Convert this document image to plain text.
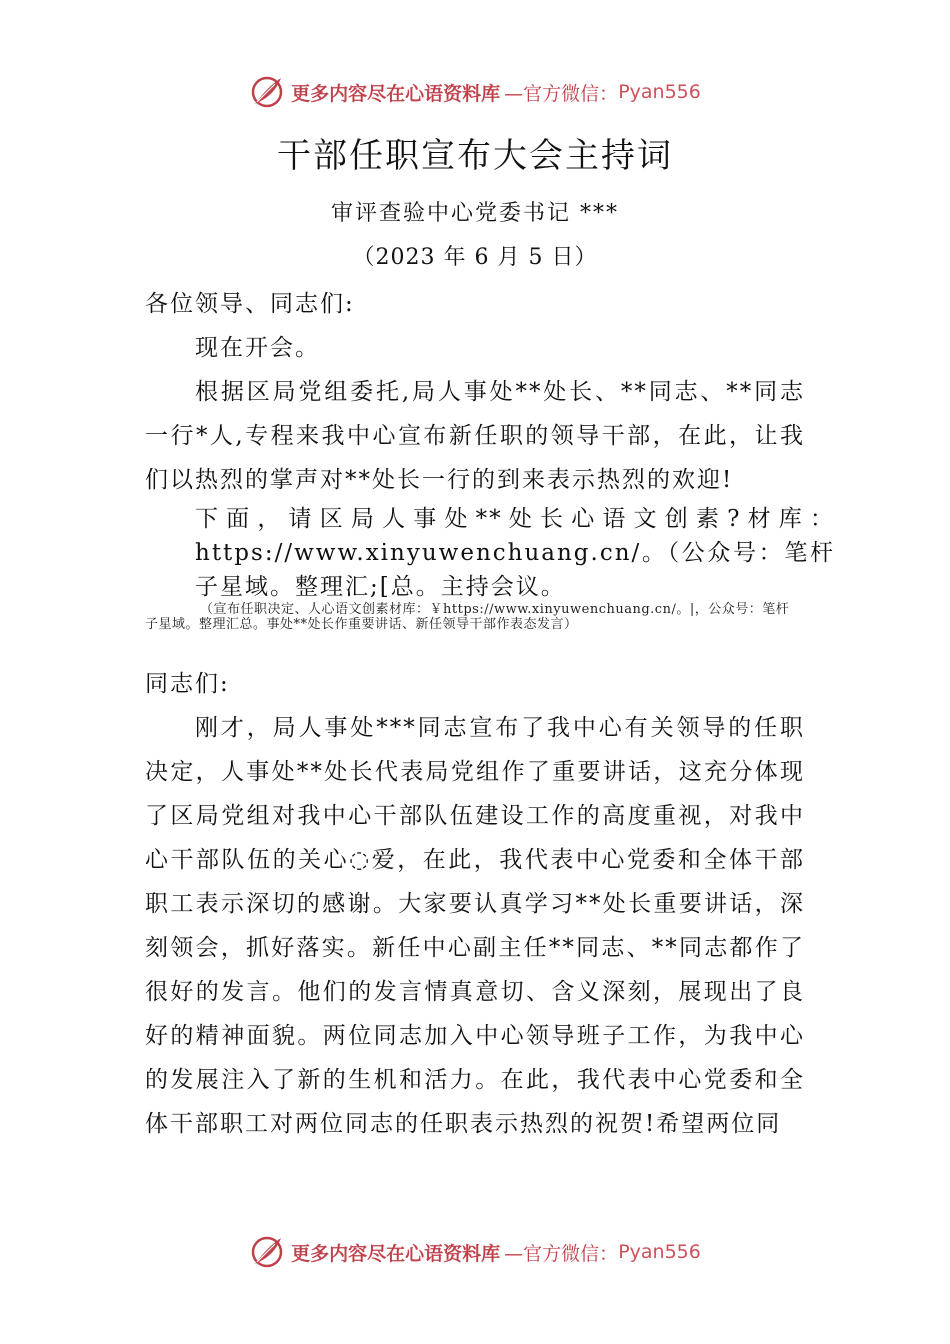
更多内容尽在心语资料库 —官方微信： Pyan556
干部任职宣布大会主持词
审评查验中心党委书记 ***
（2023 年 6 月 5 日）

各位领导、同志们:

现在开会。

根据区局党组委托,局人事处**处长、**同志、**同志一行*人,专程来我中心宣布新任职的领导干部，在此，让我们以热烈的掌声对**处长一行的到来表示热烈的欢迎!

下面，请区局人事处**处长心语文创素?材库：https://www.xinyuwenchuang.cn/。（公众号：笔杆子星域。整理汇;[总。主持会议。

（宣布任职决定、人心语文创素材库：￥https://www.xinyuwenchuang.cn/。|，公众号：笔杆子星域。整理汇总。事处**处长作重要讲话、新任领导干部作表态发言）

同志们:

刚才，局人事处***同志宣布了我中心有关领导的任职决定，人事处**处长代表局党组作了重要讲话，这充分体现了区局党组对我中心干部队伍建设工作的高度重视，对我中心干部队伍的关心◌爱，在此，我代表中心党委和全体干部职工表示深切的感谢。大家要认真学习**处长重要讲话，深刻领会，抓好落实。新任中心副主任**同志、**同志都作了很好的发言。他们的发言情真意切、含义深刻，展现出了良好的精神面貌。两位同志加入中心领导班子工作，为我中心的发展注入了新的生机和活力。在此，我代表中心党委和全体干部职工对两位同志的任职表示热烈的祝贺!希望两位同

更多内容尽在心语资料库 —官方微信： Pyan556
